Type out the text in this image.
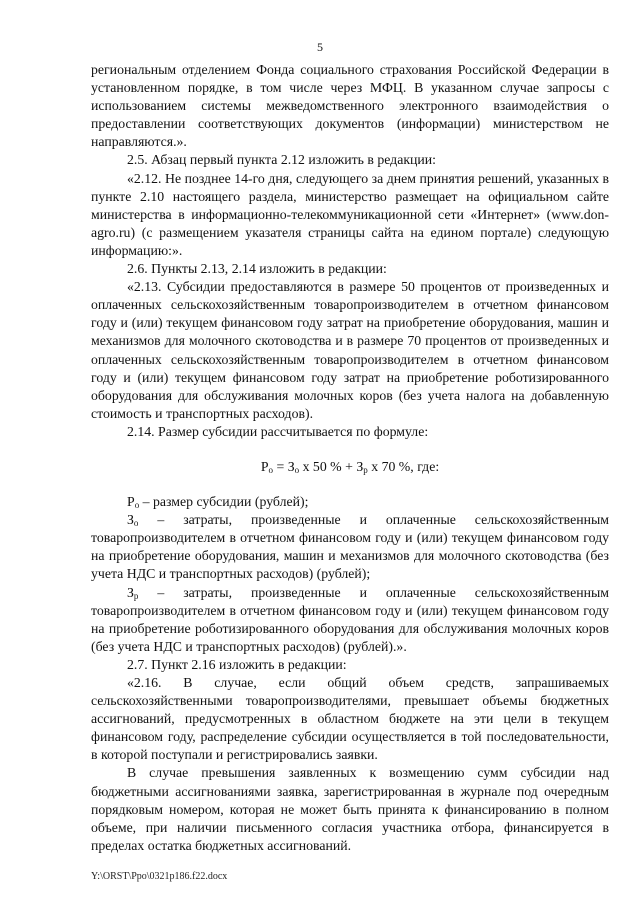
5

региональным отделением Фонда социального страхования Российской Федерации в установленном порядке, в том числе через МФЦ. В указанном случае запросы с использованием системы межведомственного электронного взаимодействия о предоставлении соответствующих документов (информации) министерством не направляются.».

2.5. Абзац первый пункта 2.12 изложить в редакции:

«2.12. Не позднее 14-го дня, следующего за днем принятия решений, указанных в пункте 2.10 настоящего раздела, министерство размещает на официальном сайте министерства в информационно-телекоммуникационной сети «Интернет» (www.don-agro.ru) (с размещением указателя страницы сайта на едином портале) следующую информацию:».

2.6. Пункты 2.13, 2.14 изложить в редакции:

«2.13. Субсидии предоставляются в размере 50 процентов от произведенных и оплаченных сельскохозяйственным товаропроизводителем в отчетном финансовом году и (или) текущем финансовом году затрат на приобретение оборудования, машин и механизмов для молочного скотоводства и в размере 70 процентов от произведенных и оплаченных сельскохозяйственным товаропроизводителем в отчетном финансовом году и (или) текущем финансовом году затрат на приобретение роботизированного оборудования для обслуживания молочных коров (без учета налога на добавленную стоимость и транспортных расходов).

2.14. Размер субсидии рассчитывается по формуле:

$Р_о = З_о$ х 50 % + $З_р$ х 70 %, где:

$Р_о$ – размер субсидии (рублей);

$З_о$ – затраты, произведенные и оплаченные сельскохозяйственным товаропроизводителем в отчетном финансовом году и (или) текущем финансовом году на приобретение оборудования, машин и механизмов для молочного скотоводства (без учета НДС и транспортных расходов) (рублей);

$З_р$ – затраты, произведенные и оплаченные сельскохозяйственным товаропроизводителем в отчетном финансовом году и (или) текущем финансовом году на приобретение роботизированного оборудования для обслуживания молочных коров (без учета НДС и транспортных расходов) (рублей).».

2.7. Пункт 2.16 изложить в редакции:

«2.16. В случае, если общий объем средств, запрашиваемых сельскохозяйственными товаропроизводителями, превышает объемы бюджетных ассигнований, предусмотренных в областном бюджете на эти цели в текущем финансовом году, распределение субсидии осуществляется в той последовательности, в которой поступали и регистрировались заявки.

В случае превышения заявленных к возмещению сумм субсидии над бюджетными ассигнованиями заявка, зарегистрированная в журнале под очередным порядковым номером, которая не может быть принята к финансированию в полном объеме, при наличии письменного согласия участника отбора, финансируется в пределах остатка бюджетных ассигнований.

Y:\ORST\Ppo\0321p186.f22.docx
